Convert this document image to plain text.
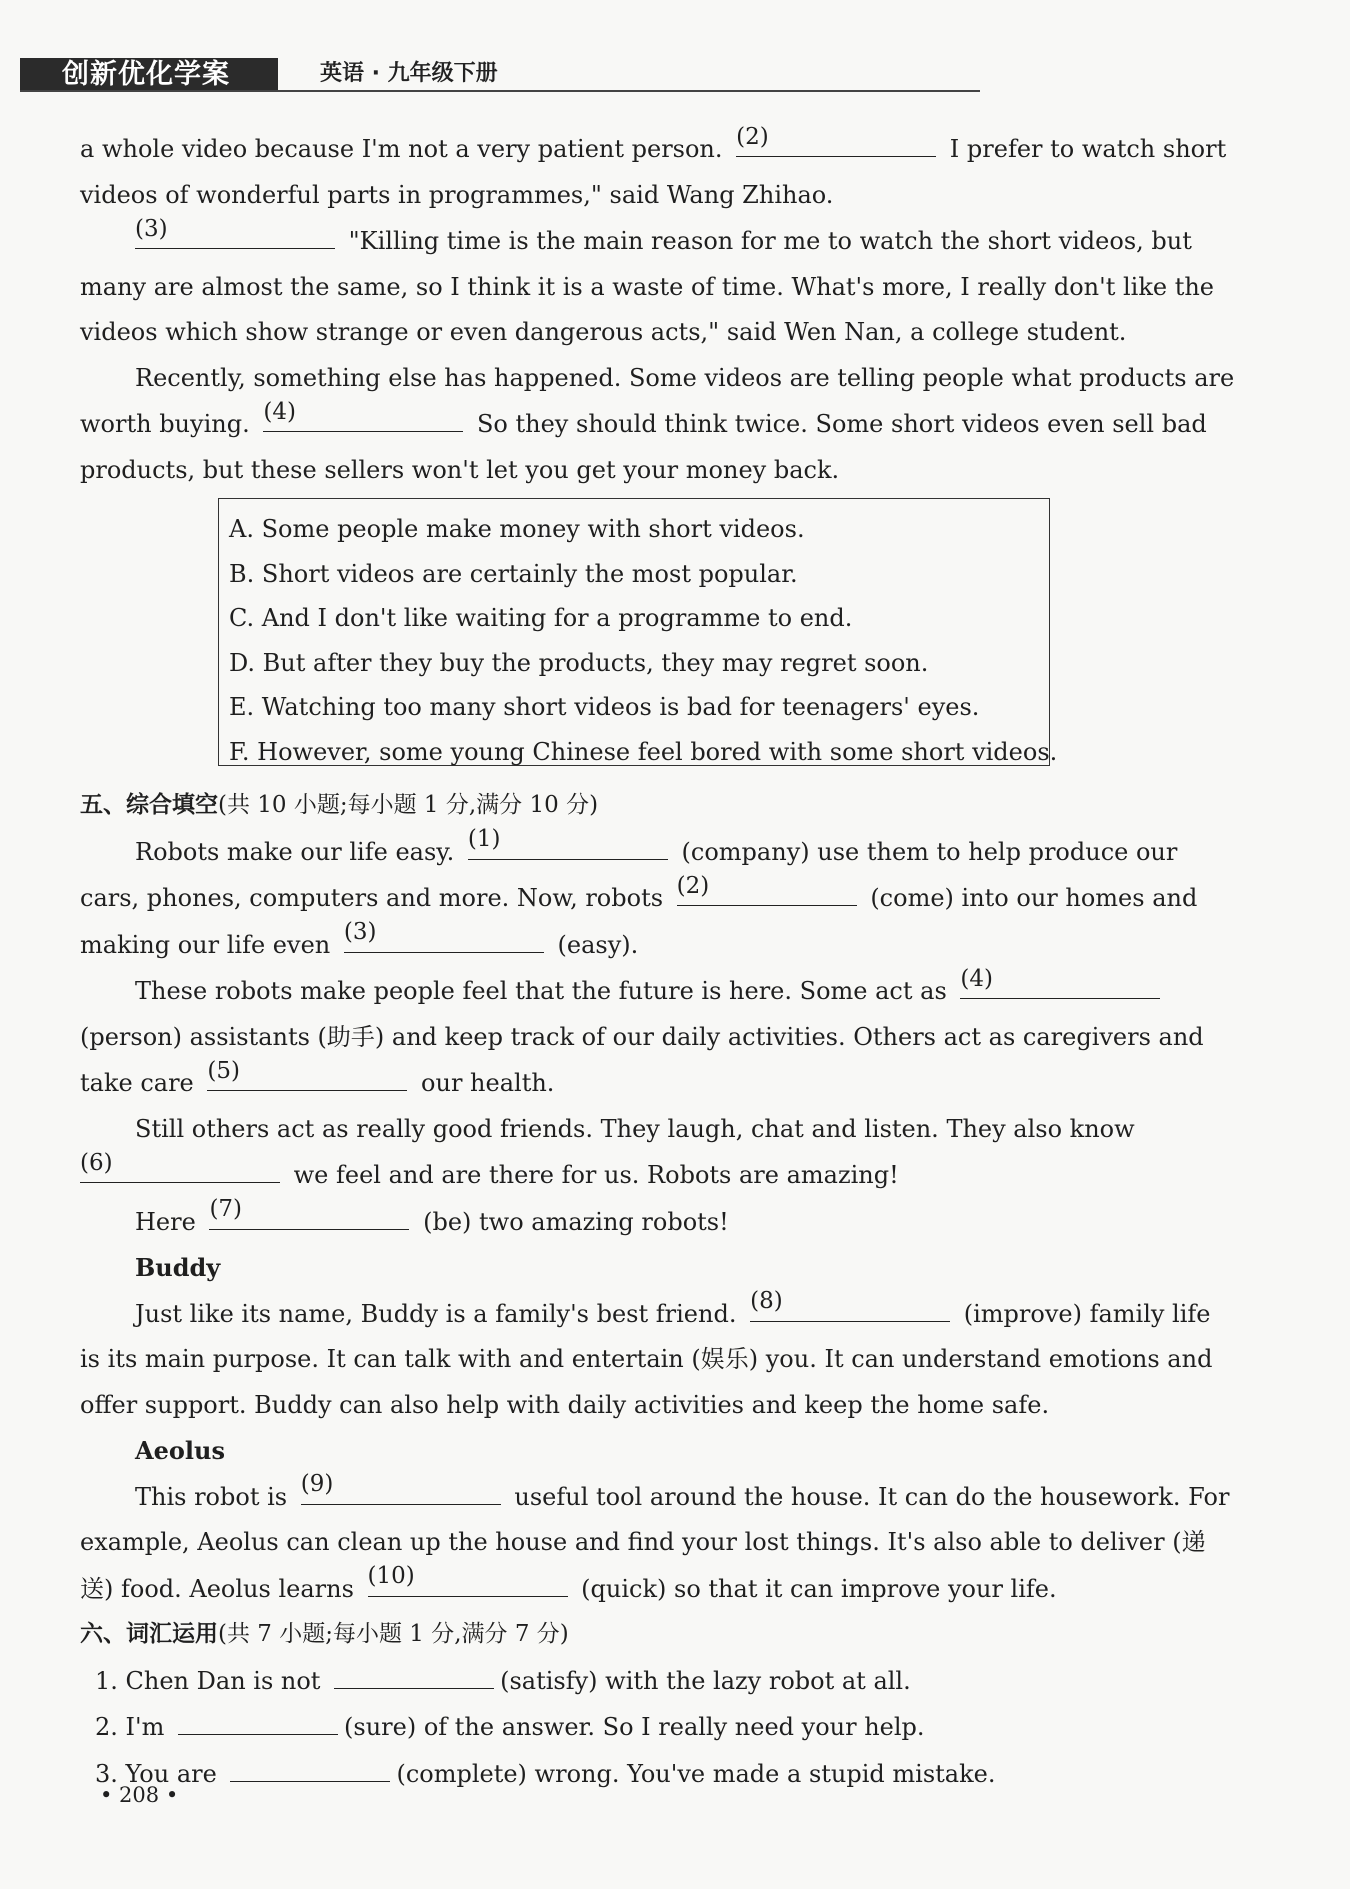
创新优化学案	英语 · 九年级下册
a whole video because I'm not a very patient person. (2)	I prefer to watch short
videos of wonderful parts in programmes," said Wang Zhihao.
(3)	"Killing time is the main reason for me to watch the short videos, but
many are almost the same, so I think it is a waste of time. What's more, I really don't like the
videos which show strange or even dangerous acts," said Wen Nan, a college student.
Recently, something else has happened. Some videos are telling people what products are
worth buying. (4)	So they should think twice. Some short videos even sell bad
products, but these sellers won't let you get your money back.
A. Some people make money with short videos.
B. Short videos are certainly the most popular.
C. And I don't like waiting for a programme to end.
D. But after they buy the products, they may regret soon.
E. Watching too many short videos is bad for teenagers' eyes.
F. However, some young Chinese feel bored with some short videos.
五、综合填空(共 10 小题;每小题 1 分,满分 10 分)
Robots make our life easy. (1)	(company) use them to help produce our
cars, phones, computers and more. Now, robots (2)	(come) into our homes and
making our life even (3)	(easy).
These robots make people feel that the future is here. Some act as (4)
(person) assistants (助手) and keep track of our daily activities. Others act as caregivers and
take care (5)	our health.
Still others act as really good friends. They laugh, chat and listen. They also know
(6)	we feel and are there for us. Robots are amazing!
Here (7)	(be) two amazing robots!
Buddy
Just like its name, Buddy is a family's best friend. (8)	(improve) family life
is its main purpose. It can talk with and entertain (娱乐) you. It can understand emotions and
offer support. Buddy can also help with daily activities and keep the home safe.
Aeolus
This robot is (9)	useful tool around the house. It can do the housework. For
example, Aeolus can clean up the house and find your lost things. It's also able to deliver (递
送) food. Aeolus learns (10)	(quick) so that it can improve your life.
六、词汇运用(共 7 小题;每小题 1 分,满分 7 分)
1. Chen Dan is not	(satisfy) with the lazy robot at all.
2. I'm	(sure) of the answer. So I really need your help.
3. You are	(complete) wrong. You've made a stupid mistake.
• 208 •
